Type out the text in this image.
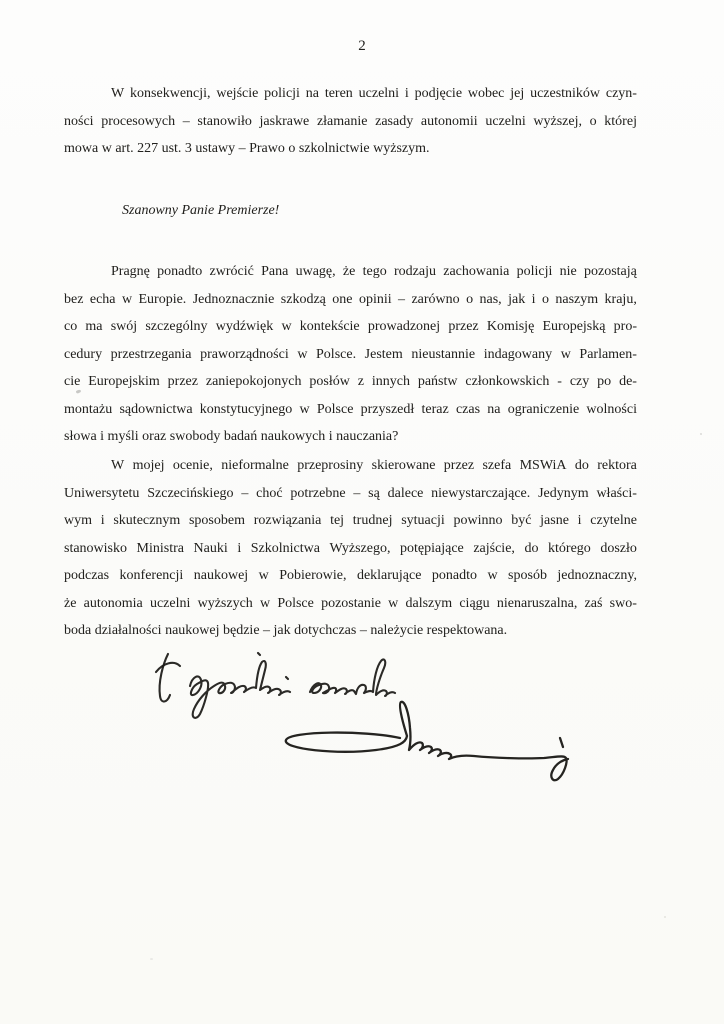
2
W konsekwencji, wejście policji na teren uczelni i podjęcie wobec jej uczestników czyn-
ności procesowych – stanowiło jaskrawe złamanie zasady autonomii uczelni wyższej, o której
mowa w art. 227 ust. 3 ustawy – Prawo o szkolnictwie wyższym.
Szanowny Panie Premierze!
Pragnę ponadto zwrócić Pana uwagę, że tego rodzaju zachowania policji nie pozostają
bez echa w Europie. Jednoznacznie szkodzą one opinii – zarówno o nas, jak i o naszym kraju,
co ma swój szczególny wydźwięk w kontekście prowadzonej przez Komisję Europejską pro-
cedury przestrzegania praworządności w Polsce. Jestem nieustannie indagowany w Parlamen-
cie Europejskim przez zaniepokojonych posłów z innych państw członkowskich - czy po de-
montażu sądownictwa konstytucyjnego w Polsce przyszedł teraz czas na ograniczenie wolności
słowa i myśli oraz swobody badań naukowych i nauczania?
W mojej ocenie, nieformalne przeprosiny skierowane przez szefa MSWiA do rektora
Uniwersytetu Szczecińskiego – choć potrzebne – są dalece niewystarczające. Jedynym właści-
wym i skutecznym sposobem rozwiązania tej trudnej sytuacji powinno być jasne i czytelne
stanowisko Ministra Nauki i Szkolnictwa Wyższego, potępiające zajście, do którego doszło
podczas konferencji naukowej w Pobierowie, deklarujące ponadto w sposób jednoznaczny,
że autonomia uczelni wyższych w Polsce pozostanie w dalszym ciągu nienaruszalna, zaś swo-
boda działalności naukowej będzie – jak dotychczas – należycie respektowana.
